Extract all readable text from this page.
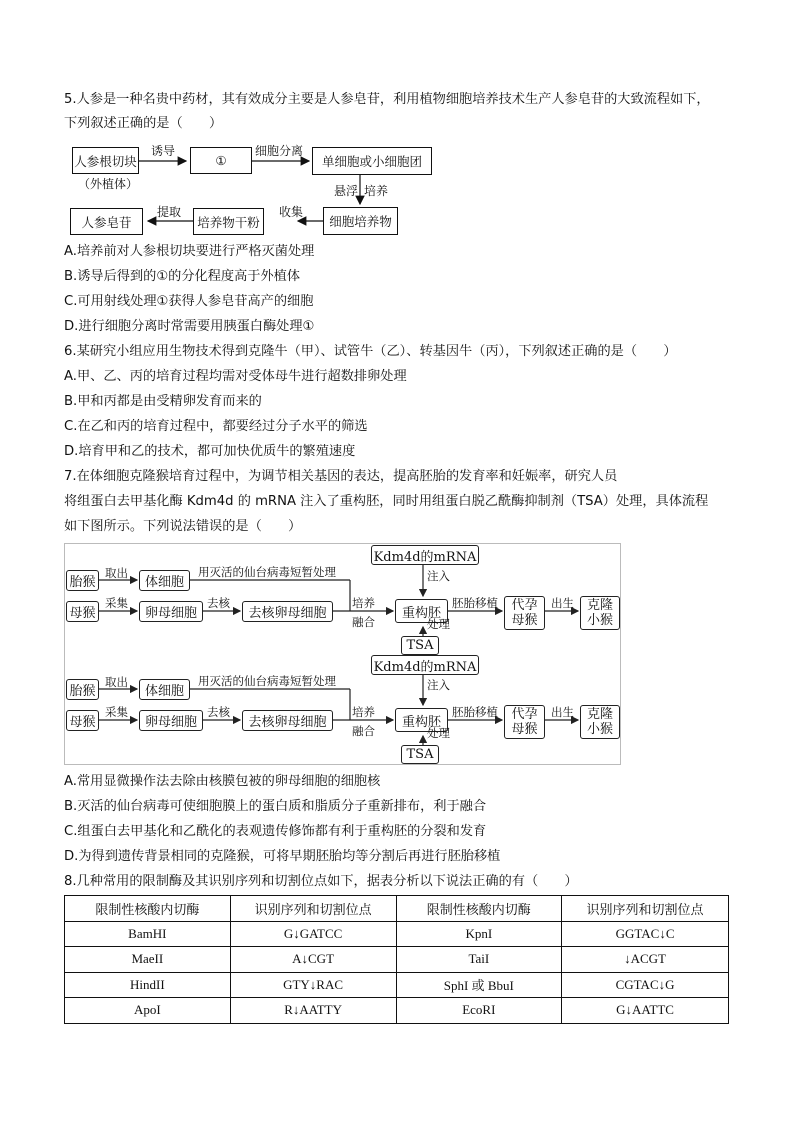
5.人参是一种名贵中药材，其有效成分主要是人参皂苷，利用植物细胞培养技术生产人参皂苷的大致流程如下，
下列叙述正确的是（　　）
人参根切块
（外植体）
诱导
①
细胞分离
单细胞或小细胞团
悬浮 培养
细胞培养物
收集
培养物干粉
提取
人参皂苷
A.培养前对人参根切块要进行严格灭菌处理
B.诱导后得到的①的分化程度高于外植体
C.可用射线处理①获得人参皂苷高产的细胞
D.进行细胞分离时常需要用胰蛋白酶处理①
6.某研究小组应用生物技术得到克隆牛（甲）、试管牛（乙）、转基因牛（丙），下列叙述正确的是（　　）
A.甲、乙、丙的培育过程均需对受体母牛进行超数排卵处理
B.甲和丙都是由受精卵发育而来的
C.在乙和丙的培育过程中，都要经过分子水平的筛选
D.培育甲和乙的技术，都可加快优质牛的繁殖速度
7.在体细胞克隆猴培育过程中，为调节相关基因的表达，提高胚胎的发育率和妊娠率，研究人员
将组蛋白去甲基化酶 Kdm4d 的 mRNA 注入了重构胚，同时用组蛋白脱乙酰酶抑制剂（TSA）处理，具体流程
如下图所示。下列说法错误的是（　　）
胎猴
取出
体细胞
用灭活的仙台病毒短暂处理
母猴
采集
卵母细胞
去核
去核卵母细胞
培养
融合
Kdm4d的mRNA
注入
重构胚
胚胎移植 代孕
母猴
出生 克隆
小猴
处理
TSA
Kdm4d的mRNA
注入
胎猴
取出
体细胞
用灭活的仙台病毒短暂处理
母猴
采集
卵母细胞
去核
去核卵母细胞
培养
融合
重构胚
胚胎移植 代孕
母猴
出生 克隆
小猴
处理
TSA
A.常用显微操作法去除由核膜包被的卵母细胞的细胞核
B.灭活的仙台病毒可使细胞膜上的蛋白质和脂质分子重新排布，利于融合
C.组蛋白去甲基化和乙酰化的表观遗传修饰都有利于重构胚的分裂和发育
D.为得到遗传背景相同的克隆猴，可将早期胚胎均等分割后再进行胚胎移植
8.几种常用的限制酶及其识别序列和切割位点如下，据表分析以下说法正确的有（　　）
限制性核酸内切酶	识别序列和切割位点	限制性核酸内切酶	识别序列和切割位点
BamHI	G↓GATCC	KpnI	GGTAC↓C
MaeII	A↓CGT	TaiI	↓ACGT
HindII	GTY↓RAC	SphI 或 BbuI	CGTAC↓G
ApoI	R↓AATTY	EcoRI	G↓AATTC
